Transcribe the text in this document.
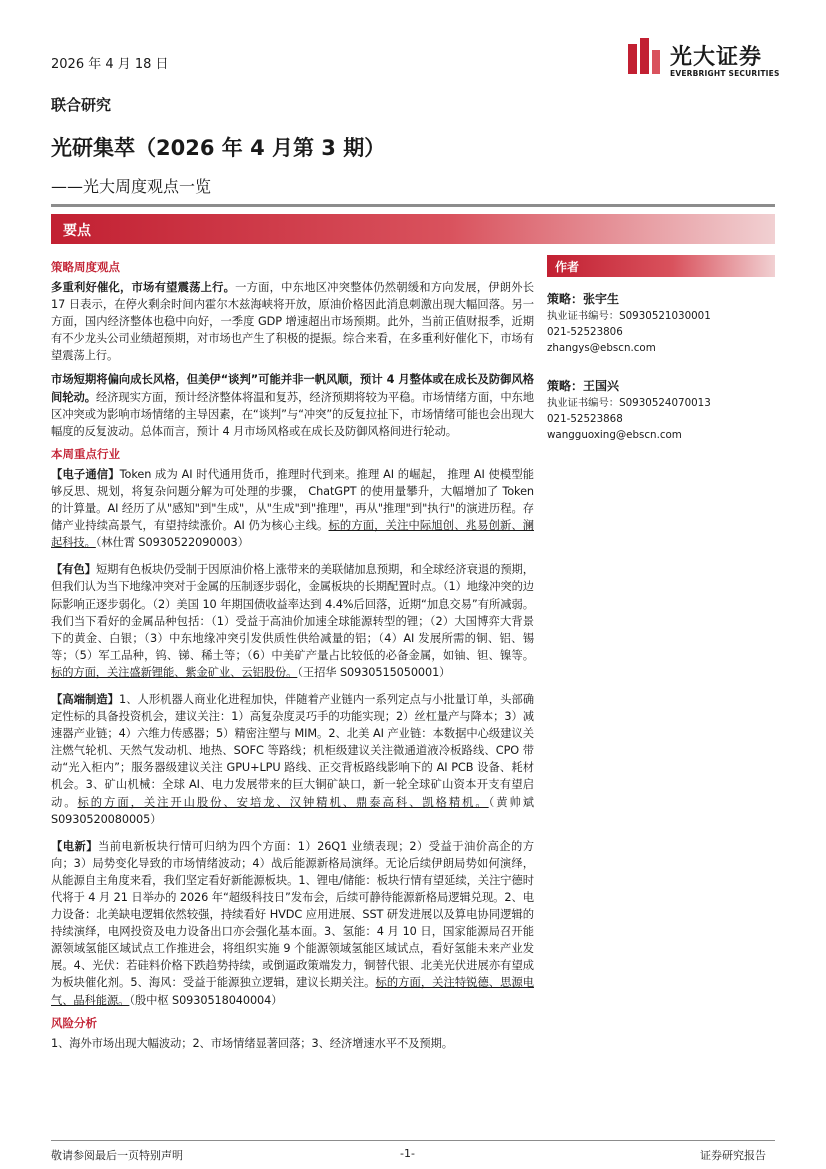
2026 年 4 月 18 日	光大证券
EVERBRIGHT SECURITIES
联合研究
光研集萃（2026 年 4 月第 3 期）
——光大周度观点一览
要点
策略周度观点

多重利好催化，市场有望震荡上行。一方面，中东地区冲突整体仍然朝缓和方向发展，伊朗外长 17 日表示，在停火剩余时间内霍尔木兹海峡将开放，原油价格因此消息刺激出现大幅回落。另一方面，国内经济整体也稳中向好，一季度 GDP 增速超出市场预期。此外，当前正值财报季，近期有不少龙头公司业绩超预期，对市场也产生了积极的提振。综合来看，在多重利好催化下，市场有望震荡上行。

市场短期将偏向成长风格，但美伊“谈判”可能并非一帆风顺，预计 4 月整体或在成长及防御风格间轮动。经济现实方面，预计经济整体将温和复苏，经济预期将较为平稳。市场情绪方面，中东地区冲突或为影响市场情绪的主导因素，在“谈判”与“冲突”的反复拉扯下，市场情绪可能也会出现大幅度的反复波动。总体而言，预计 4 月市场风格或在成长及防御风格间进行轮动。

本周重点行业

【电子通信】Token 成为 AI 时代通用货币，推理时代到来。推理 AI 的崛起， 推理 AI 使模型能够反思、规划，将复杂问题分解为可处理的步骤， ChatGPT 的使用量攀升，大幅增加了 Token 的计算量。AI 经历了从"感知"到"生成"，从"生成"到"推理"，再从"推理"到"执行"的演进历程。存储产业持续高景气，有望持续涨价。AI 仍为核心主线。标的方面，关注中际旭创、兆易创新、澜起科技。（林仕霄 S0930522090003）

【有色】短期有色板块仍受制于因原油价格上涨带来的美联储加息预期，和全球经济衰退的预期，但我们认为当下地缘冲突对于金属的压制逐步弱化，金属板块的长期配置时点。（1）地缘冲突的边际影响正逐步弱化。（2）美国 10 年期国债收益率达到 4.4%后回落，近期“加息交易”有所减弱。我们当下看好的金属品种包括：（1）受益于高油价加速全球能源转型的锂；（2）大国博弈大背景下的黄金、白银；（3）中东地缘冲突引发供质性供给减量的铝；（4）AI 发展所需的铜、铝、锡等；（5）军工品种，钨、锑、稀土等；（6）中美矿产量占比较低的必备金属，如铀、钽、镍等。标的方面，关注盛新锂能、紫金矿业、云铝股份。（王招华 S0930515050001）

【高端制造】1、人形机器人商业化进程加快，伴随着产业链内一系列定点与小批量订单，头部确定性标的具备投资机会，建议关注：1）高复杂度灵巧手的功能实现；2）丝杠量产与降本；3）减速器产业链；4）六维力传感器；5）精密注塑与 MIM。2、北美 AI 产业链：本数据中心级建议关注燃气轮机、天然气发动机、地热、SOFC 等路线；机柜级建议关注微通道液冷板路线、CPO 带动“光入柜内”；服务器级建议关注 GPU+LPU 路线、正交背板路线影响下的 AI PCB 设备、耗材机会。3、矿山机械：全球 AI、电力发展带来的巨大铜矿缺口，新一轮全球矿山资本开支有望启动。标的方面，关注开山股份、安培龙、汉钟精机、鼎泰高科、凯格精机。（黄帅斌 S0930520080005）

【电新】当前电新板块行情可归纳为四个方面：1）26Q1 业绩表现；2）受益于油价高企的方向；3）局势变化导致的市场情绪波动；4）战后能源新格局演绎。无论后续伊朗局势如何演绎，从能源自主角度来看，我们坚定看好新能源板块。1、锂电/储能：板块行情有望延续，关注宁德时代将于 4 月 21 日举办的 2026 年“超级科技日”发布会，后续可静待能源新格局逻辑兑现。2、电力设备：北美缺电逻辑依然较强，持续看好 HVDC 应用进展、SST 研发进展以及算电协同逻辑的持续演绎，电网投资及电力设备出口亦会强化基本面。3、氢能：4 月 10 日，国家能源局召开能源领域氢能区域试点工作推进会，将组织实施 9 个能源领域氢能区域试点，看好氢能未来产业发展。4、光伏：若硅料价格下跌趋势持续，或倒逼政策端发力，铜替代银、北美光伏进展亦有望成为板块催化剂。5、海风：受益于能源独立逻辑，建议长期关注。标的方面，关注特锐德、思源电气、晶科能源。（殷中枢 S0930518040004）

风险分析

1、海外市场出现大幅波动；2、市场情绪显著回落；3、经济增速水平不及预期。

作者
策略：张宇生
执业证书编号：S0930521030001
021-52523806
zhangys@ebscn.com
策略：王国兴
执业证书编号：S0930524070013
021-52523868
wangguoxing@ebscn.com
敬请参阅最后一页特别声明	-1-	证券研究报告
